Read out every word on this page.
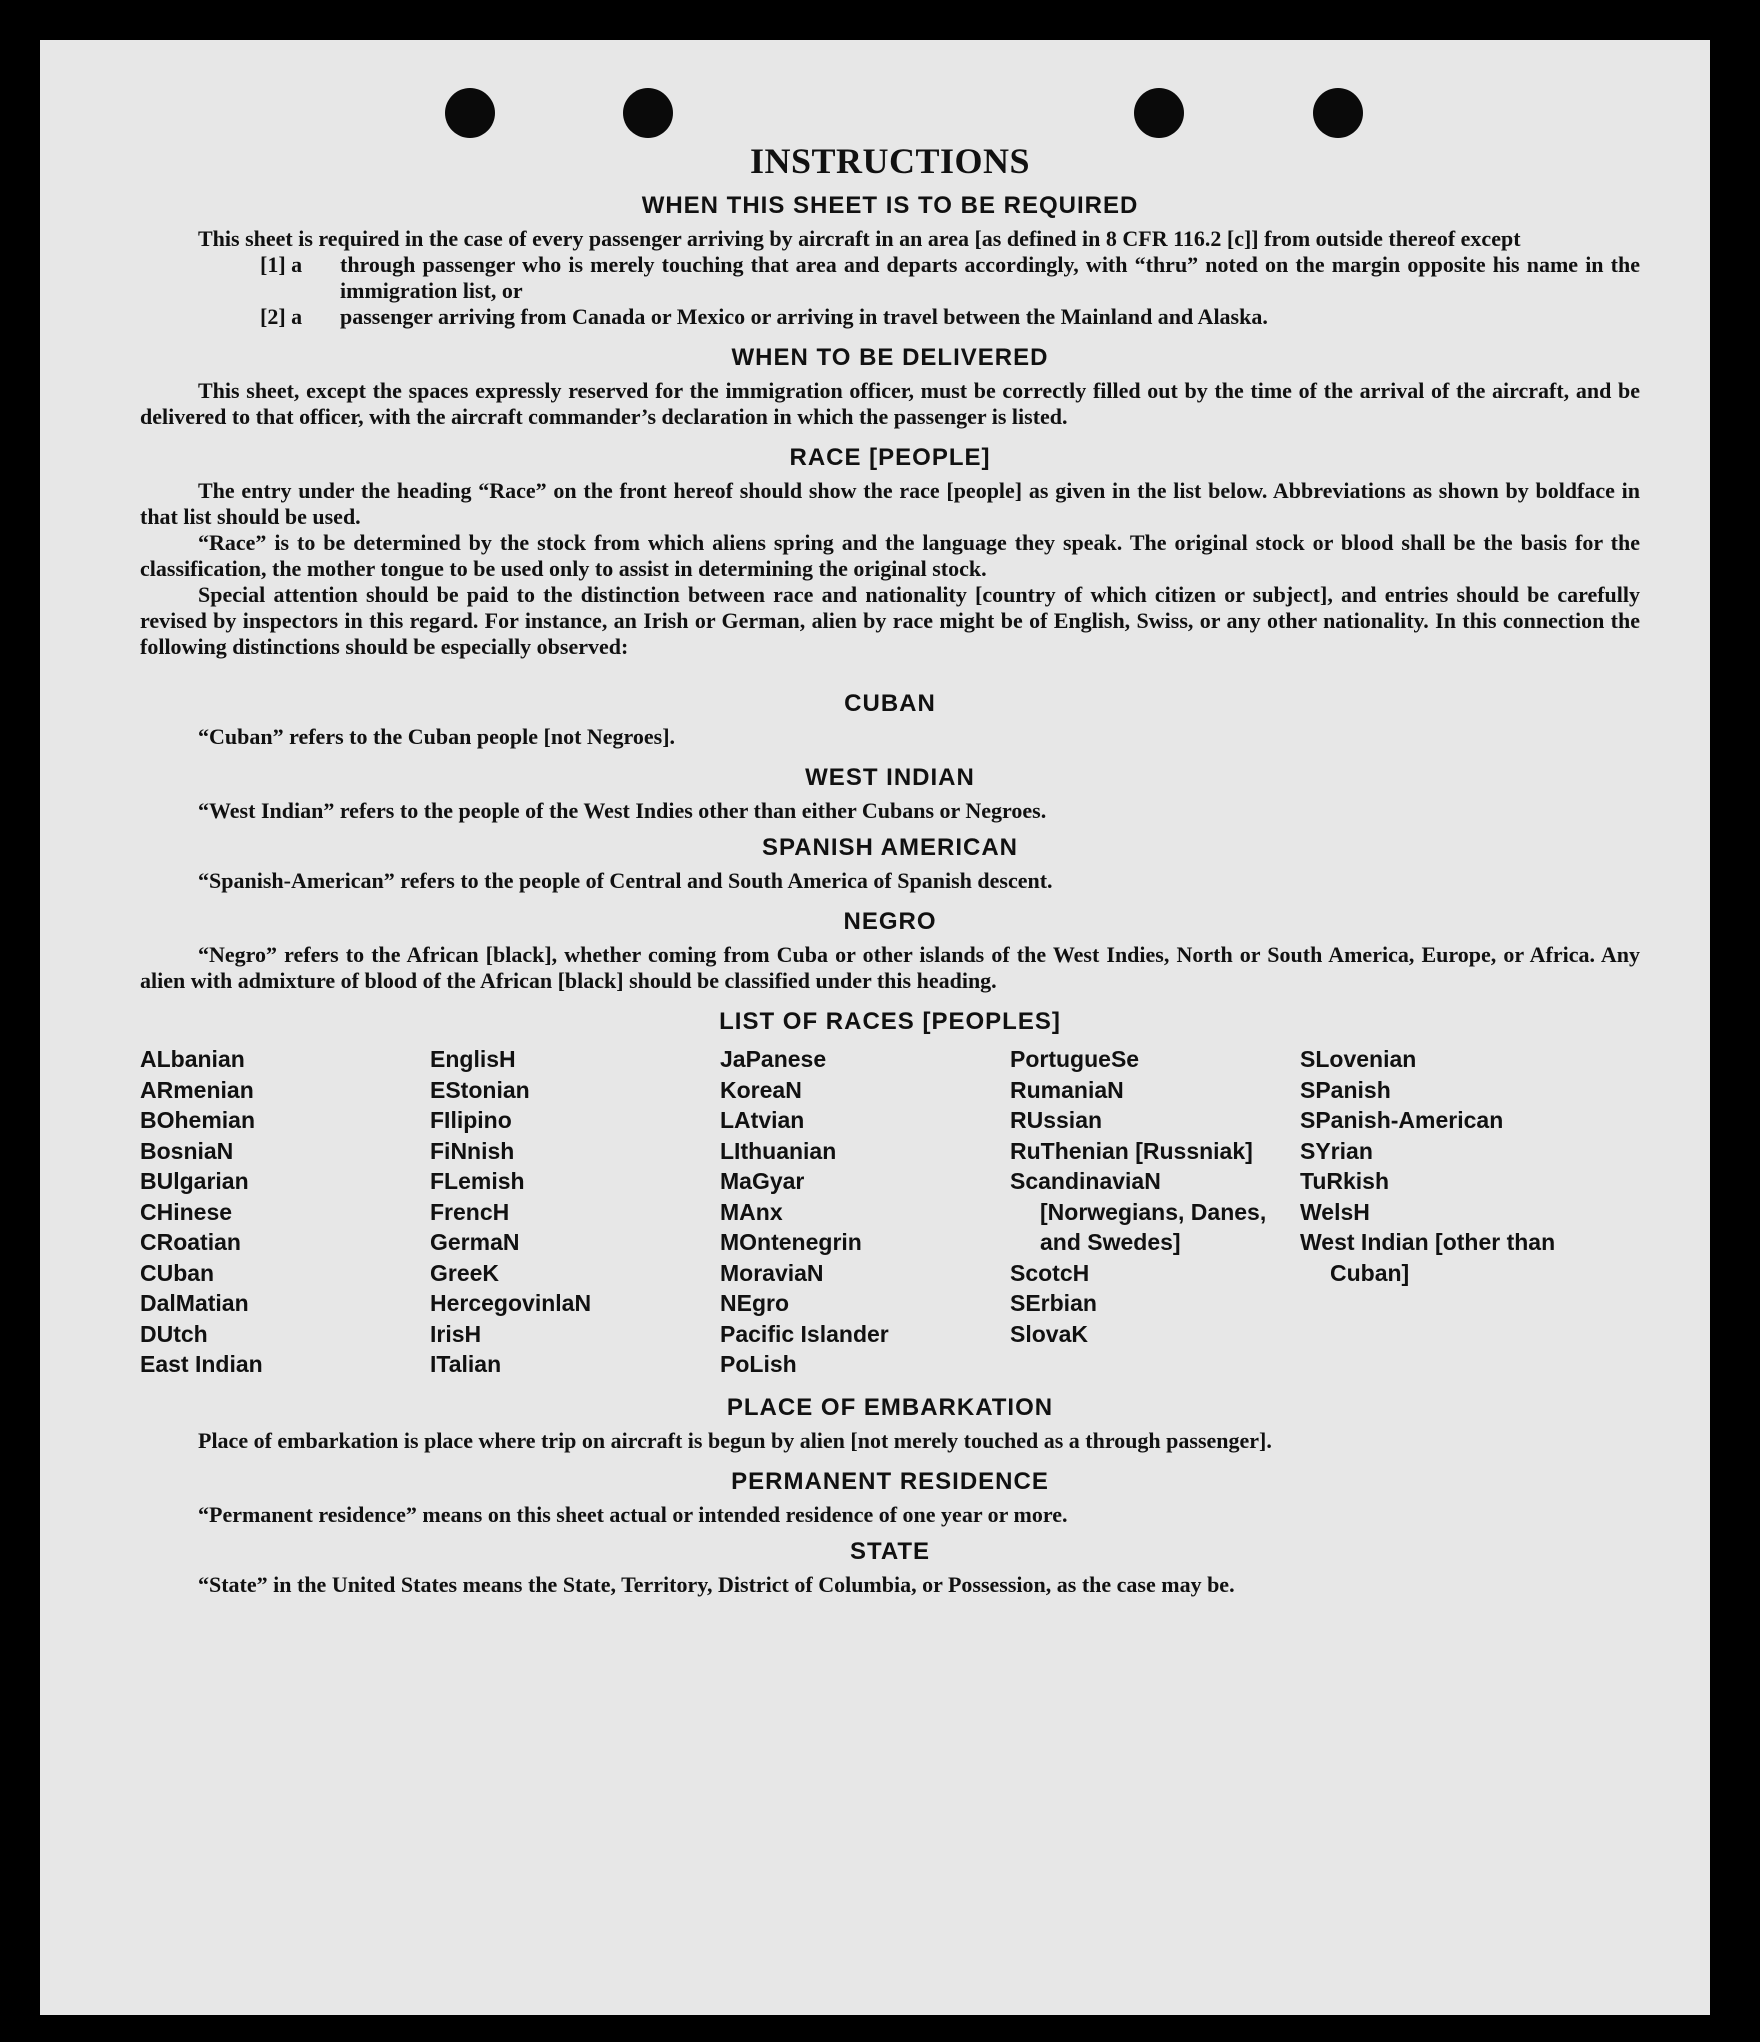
INSTRUCTIONS
WHEN THIS SHEET IS TO BE REQUIRED

This sheet is required in the case of every passenger arriving by aircraft in an area [as defined in 8 CFR 116.2 [c]] from outside thereof except

[1] a	through passenger who is merely touching that area and departs accordingly, with “thru” noted on the margin opposite his name in the immigration list, or

[2] a	passenger arriving from Canada or Mexico or arriving in travel between the Mainland and Alaska.

WHEN TO BE DELIVERED

This sheet, except the spaces expressly reserved for the immigration officer, must be correctly filled out by the time of the arrival of the aircraft, and be delivered to that officer, with the aircraft commander’s declaration in which the passenger is listed.

RACE [PEOPLE]

The entry under the heading “Race” on the front hereof should show the race [people] as given in the list below. Abbreviations as shown by boldface in that list should be used.

“Race” is to be determined by the stock from which aliens spring and the language they speak. The original stock or blood shall be the basis for the classification, the mother tongue to be used only to assist in determining the original stock.

Special attention should be paid to the distinction between race and nationality [country of which citizen or subject], and entries should be carefully revised by inspectors in this regard. For instance, an Irish or German, alien by race might be of English, Swiss, or any other nationality. In this connection the following distinctions should be especially observed:

CUBAN

“Cuban” refers to the Cuban people [not Negroes].

WEST INDIAN

“West Indian” refers to the people of the West Indies other than either Cubans or Negroes.

SPANISH AMERICAN

“Spanish-American” refers to the people of Central and South America of Spanish descent.

NEGRO

“Negro” refers to the African [black], whether coming from Cuba or other islands of the West Indies, North or South America, Europe, or Africa. Any alien with admixture of blood of the African [black] should be classified under this heading.

LIST OF RACES [PEOPLES]
ALbanian
ARmenian
BOhemian
BosniaN
BUlgarian
CHinese
CRoatian
CUban
DalMatian
DUtch
East Indian
EnglisH
EStonian
FIlipino
FiNnish
FLemish
FrencH
GermaN
GreeK
HercegovinlaN
IrisH
ITalian
JaPanese
KoreaN
LAtvian
LIthuanian
MaGyar
MAnx
MOntenegrin
MoraviaN
NEgro
Pacific Islander
PoLish
PortugueSe
RumaniaN
RUssian
RuThenian [Russniak]
ScandinaviaN [Norwegians, Danes, and Swedes]
ScotcH
SErbian
SlovaK
SLovenian
SPanish
SPanish-American
SYrian
TuRkish
WelsH
West Indian [other than Cuban]
PLACE OF EMBARKATION

Place of embarkation is place where trip on aircraft is begun by alien [not merely touched as a through passenger].

PERMANENT RESIDENCE

“Permanent residence” means on this sheet actual or intended residence of one year or more.

STATE

“State” in the United States means the State, Territory, District of Columbia, or Possession, as the case may be.
